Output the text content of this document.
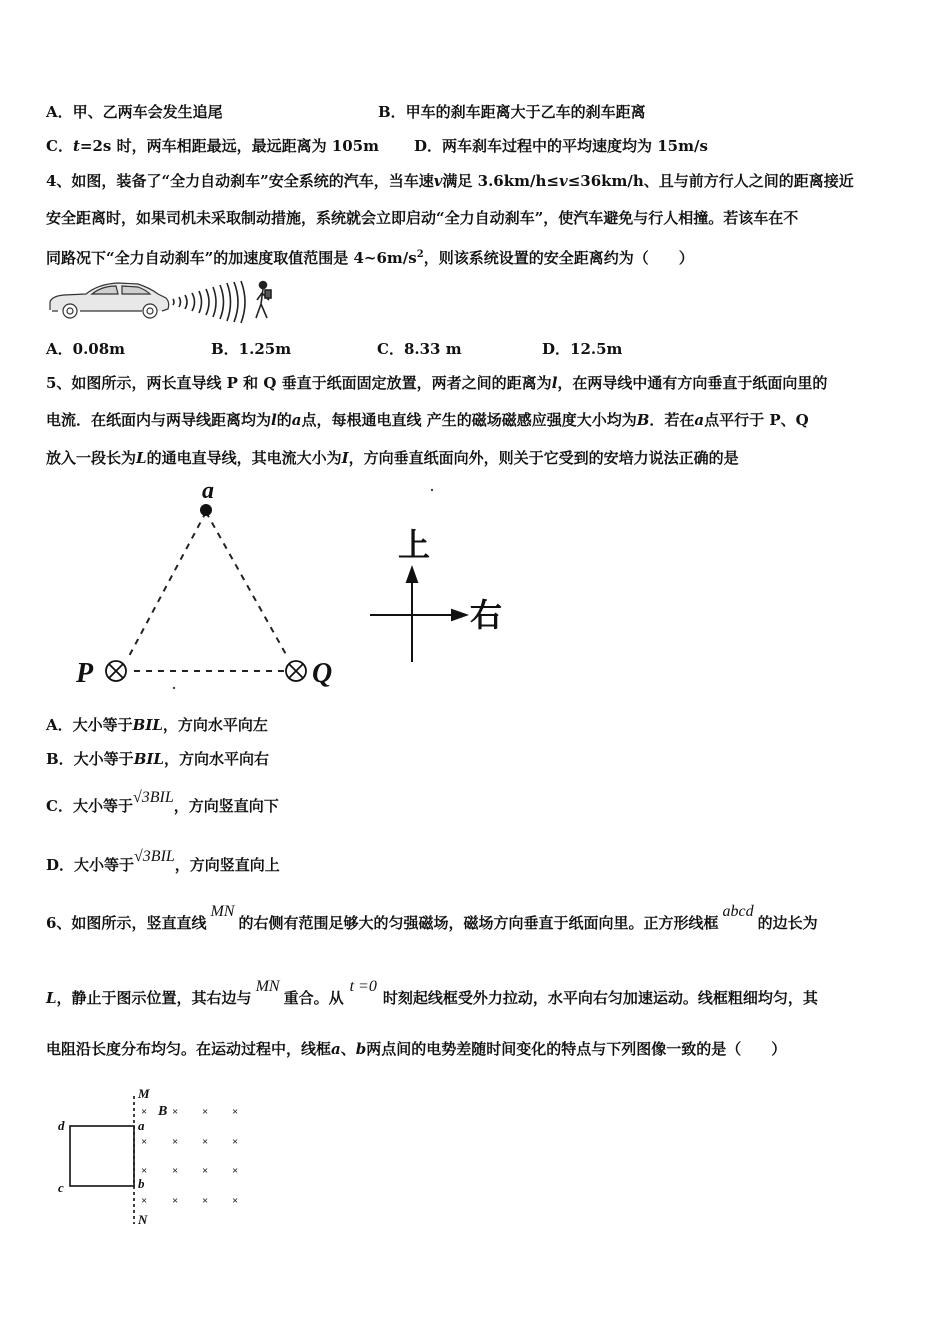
A．甲、乙两车会发生追尾	B．甲车的刹车距离大于乙车的刹车距离
C．t=2s 时，两车相距最远，最远距离为 105m D．两车刹车过程中的平均速度均为 15m/s
4、如图，装备了“全力自动刹车”安全系统的汽车，当车速v满足 3.6km/h≤v≤36km/h、且与前方行人之间的距离接近
安全距离时，如果司机未采取制动措施，系统就会立即启动“全力自动刹车”，使汽车避免与行人相撞。若该车在不
同路况下“全力自动刹车”的加速度取值范围是 $4\sim 6m/s^2$，则该系统设置的安全距离约为（　　）
A．0.08m	B．1.25m	C．8.33 m	D．12.5m
5、如图所示，两长直导线 P 和 Q 垂直于纸面固定放置，两者之间的距离为l，在两导线中通有方向垂直于纸面向里的
电流．在纸面内与两导线距离均为l的a点，每根通电直线 产生的磁场磁感应强度大小均为B．若在a点平行于 P、Q
放入一段长为L的通电直导线，其电流大小为I，方向垂直纸面向外，则关于它受到的安培力说法正确的是
a
P	Q
上
右
A．大小等于BIL，方向水平向左
B．大小等于BIL，方向水平向右
C．大小等于√3BIL，方向竖直向下
D．大小等于√3BIL，方向竖直向上
6、如图所示，竖直直线MN的右侧有范围足够大的匀强磁场，磁场方向垂直于纸面向里。正方形线框abcd的边长为
L，静止于图示位置，其右边与MN重合。从t =0时刻起线框受外力拉动，水平向右匀加速运动。线框粗细均匀，其
电阻沿长度分布均匀。在运动过程中，线框a、b两点间的电势差随时间变化的特点与下列图像一致的是（　　）
M
N
d
c
a
b
B
× × × ×
× × × ×
× × × ×
× × × ×
